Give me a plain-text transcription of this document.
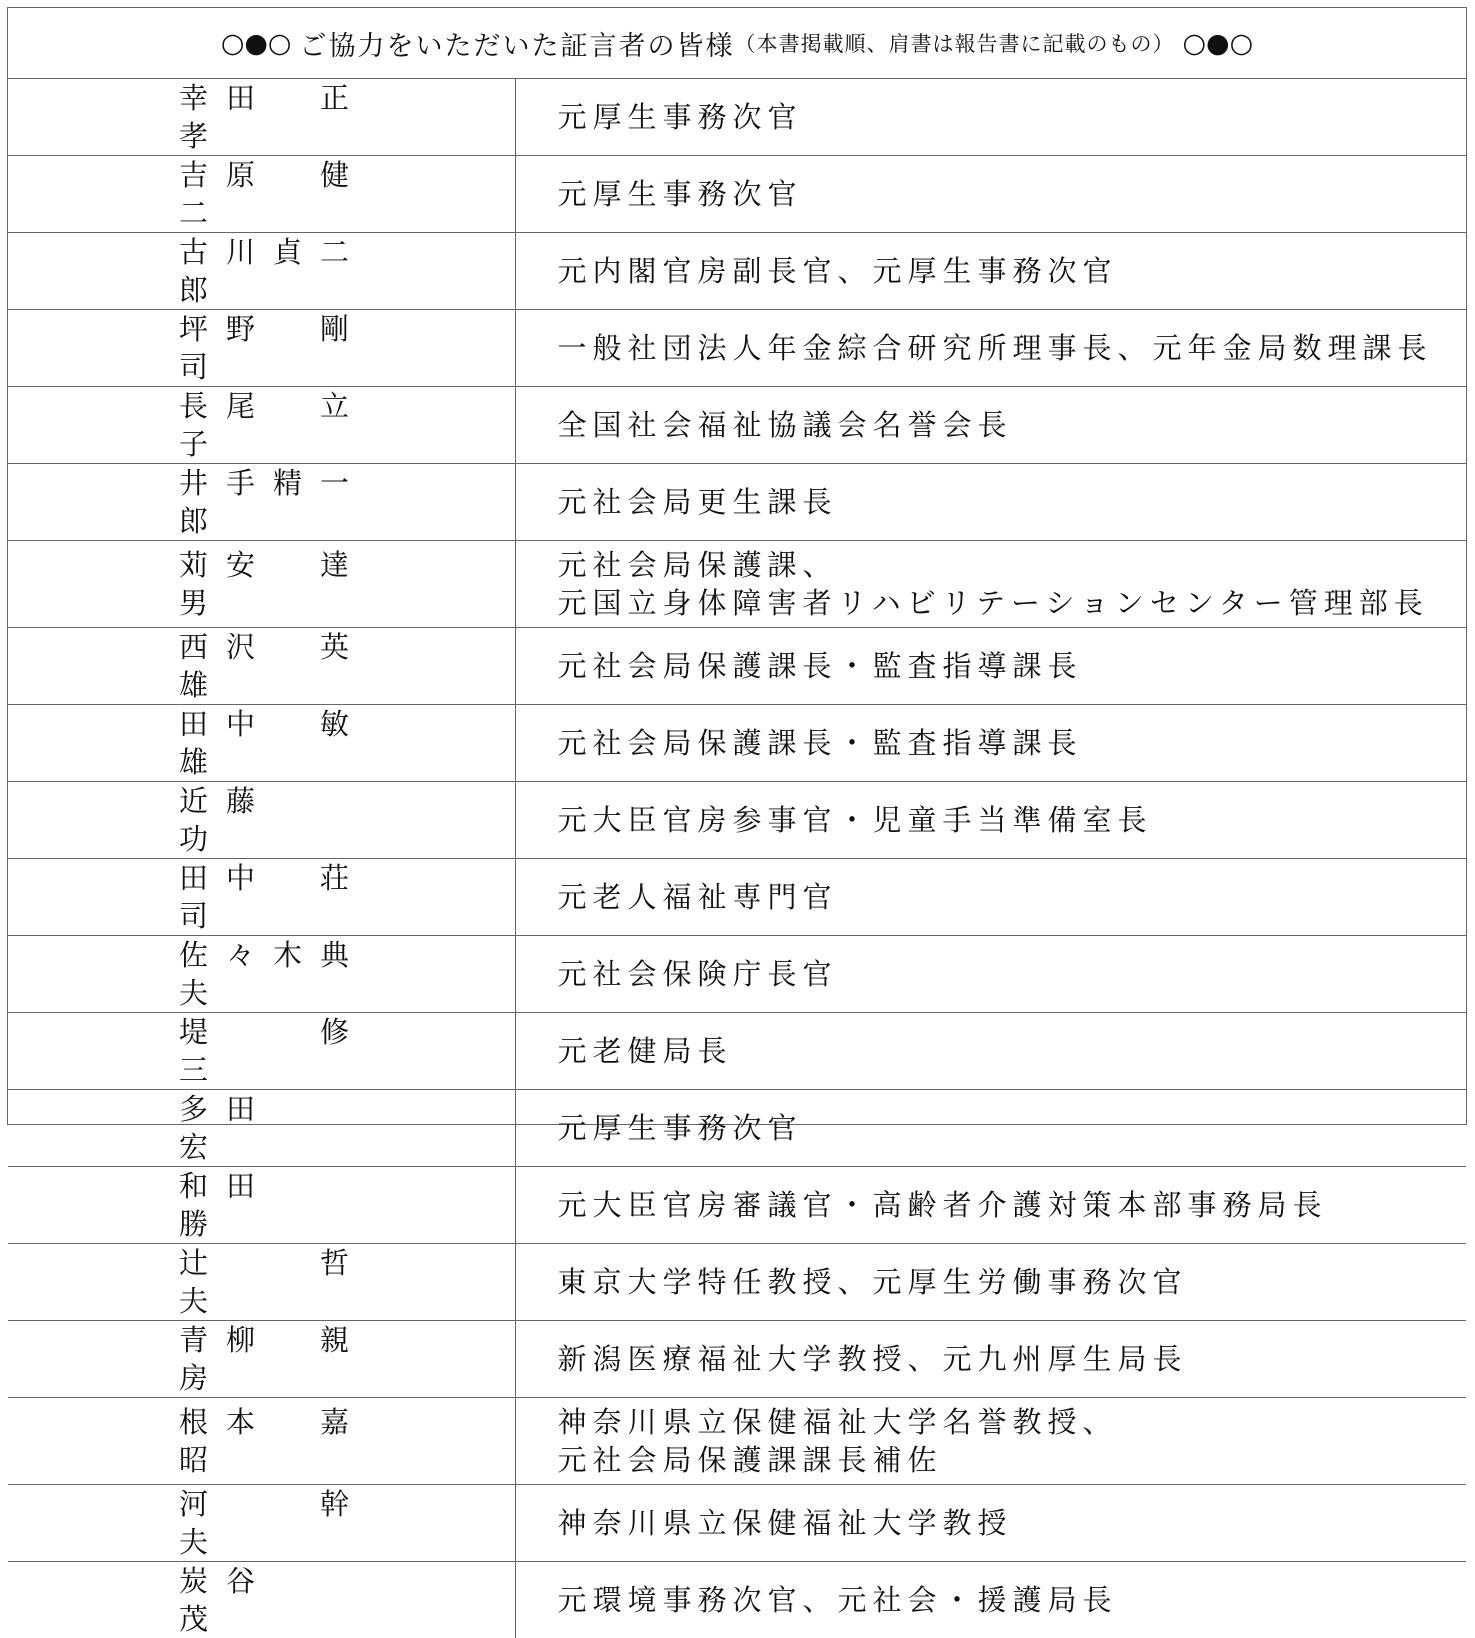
○●○ ご協力をいただいた証言者の皆様 （本書掲載順、肩書は報告書に記載のもの） ○●○
幸 田 正 孝	元厚生事務次官

吉 原 健 二	元厚生事務次官

古 川 貞 二 郎	元内閣官房副長官、元厚生事務次官

坪 野 剛 司	一般社団法人年金綜合研究所理事長、元年金局数理課長

長 尾 立 子	全国社会福祉協議会名誉会長

井 手 精 一 郎	元社会局更生課長

苅 安 達 男	元社会局保護課、
元国立身体障害者リハビリテーションセンター管理部長

西 沢 英 雄	元社会局保護課長・監査指導課長

田 中 敏 雄	元社会局保護課長・監査指導課長

近 藤   功	元大臣官房参事官・児童手当準備室長

田 中 荘 司	元老人福祉専門官

佐 々 木 典 夫	元社会保険庁長官

堤 修 三	元老健局長

多 田   宏	元厚生事務次官

和 田   勝	元大臣官房審議官・高齢者介護対策本部事務局長

辻 哲 夫	東京大学特任教授、元厚生労働事務次官

青 柳 親 房	新潟医療福祉大学教授、元九州厚生局長

根 本 嘉 昭	神奈川県立保健福祉大学名誉教授、
元社会局保護課課長補佐

河 幹 夫	神奈川県立保健福祉大学教授

炭 谷   茂	元環境事務次官、元社会・援護局長
